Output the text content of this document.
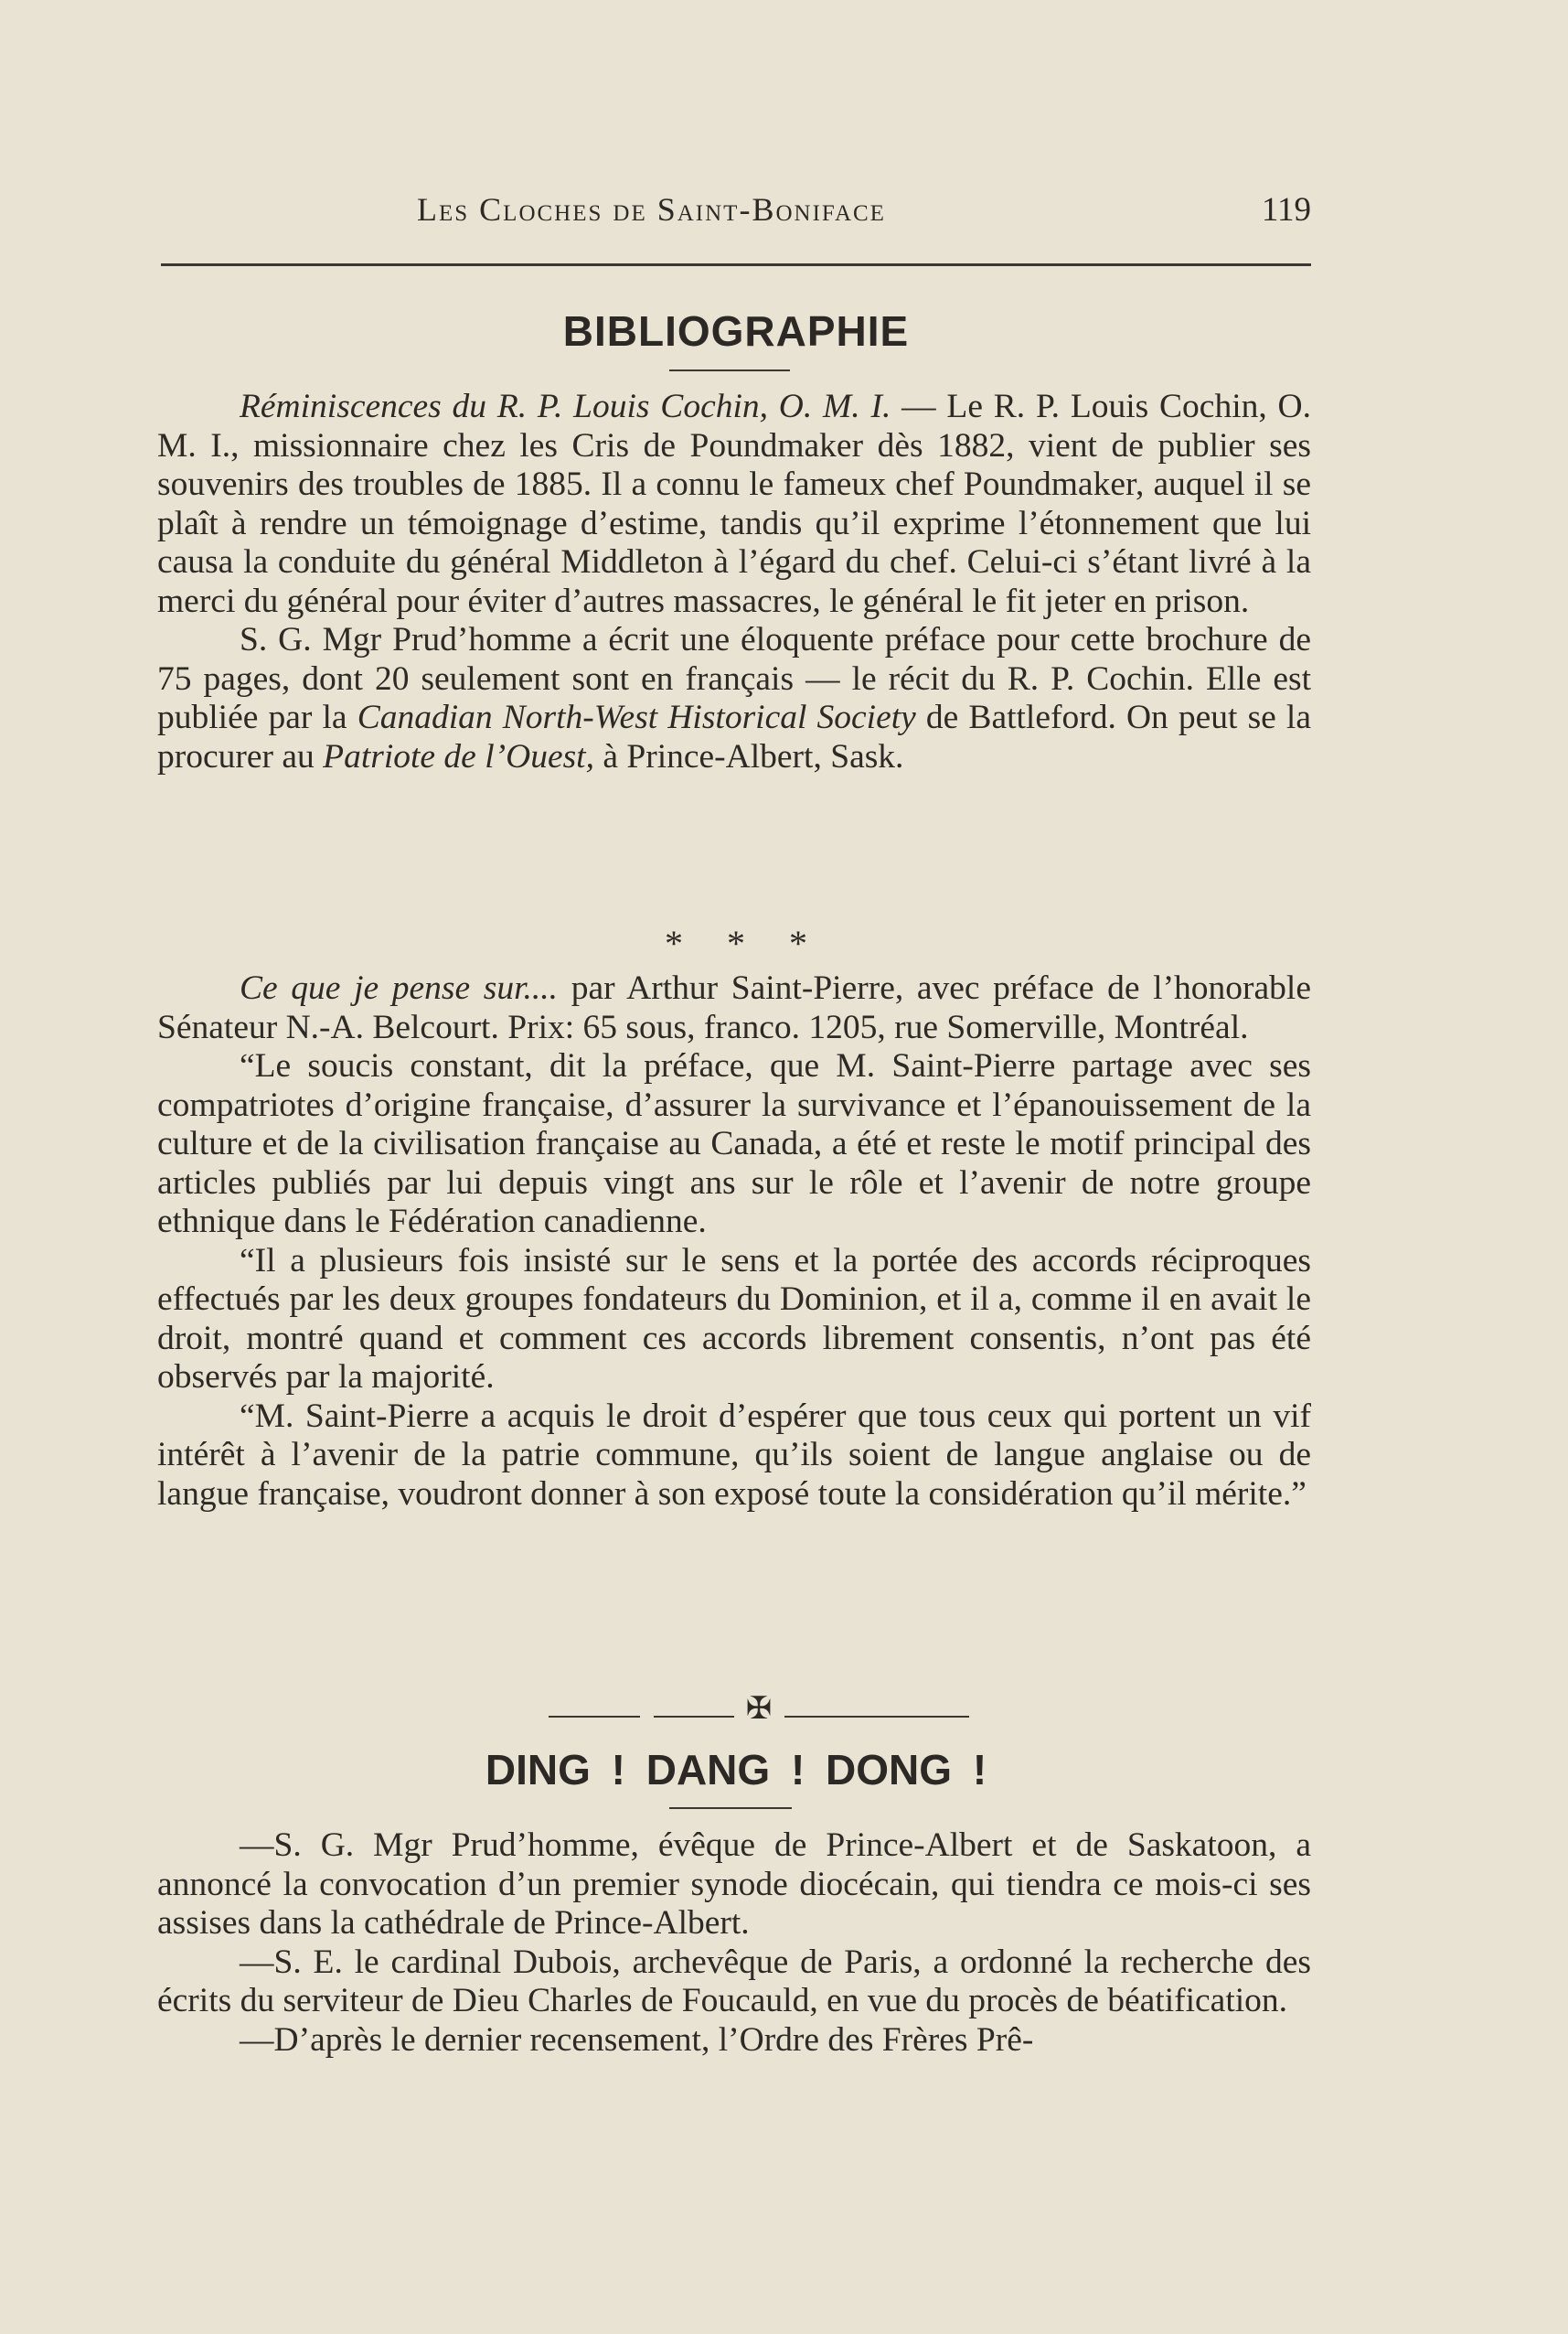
Les Cloches de Saint-Boniface	119
BIBLIOGRAPHIE

Réminiscences du R. P. Louis Cochin, O. M. I. — Le R. P. Louis Cochin, O. M. I., missionnaire chez les Cris de Poundmaker dès 1882, vient de publier ses souvenirs des troubles de 1885. Il a connu le fameux chef Poundmaker, auquel il se plaît à rendre un témoignage d’estime, tandis qu’il exprime l’étonnement que lui causa la conduite du général Middleton à l’égard du chef. Celui-ci s’étant livré à la merci du général pour éviter d’autres massacres, le général le fit jeter en prison.

S. G. Mgr Prud’homme a écrit une éloquente préface pour cette brochure de 75 pages, dont 20 seulement sont en français — le récit du R. P. Cochin. Elle est publiée par la Canadian North-West Historical Society de Battleford. On peut se la procurer au Patriote de l’Ouest, à Prince-Albert, Sask.

* * *

Ce que je pense sur.... par Arthur Saint-Pierre, avec préface de l’honorable Sénateur N.-A. Belcourt. Prix: 65 sous, franco. 1205, rue Somerville, Montréal.

“Le soucis constant, dit la préface, que M. Saint-Pierre partage avec ses compatriotes d’origine française, d’assurer la survivance et l’épanouissement de la culture et de la civilisation française au Canada, a été et reste le motif principal des articles publiés par lui depuis vingt ans sur le rôle et l’avenir de notre groupe ethnique dans le Fédération canadienne.

“Il a plusieurs fois insisté sur le sens et la portée des accords réciproques effectués par les deux groupes fondateurs du Dominion, et il a, comme il en avait le droit, montré quand et comment ces accords librement consentis, n’ont pas été observés par la majorité.

“M. Saint-Pierre a acquis le droit d’espérer que tous ceux qui portent un vif intérêt à l’avenir de la patrie commune, qu’ils soient de langue anglaise ou de langue française, voudront donner à son exposé toute la considération qu’il mérite.”

✠
DING ! DANG ! DONG !

—S. G. Mgr Prud’homme, évêque de Prince-Albert et de Saskatoon, a annoncé la convocation d’un premier synode diocécain, qui tiendra ce mois-ci ses assises dans la cathédrale de Prince-Albert.

—S. E. le cardinal Dubois, archevêque de Paris, a ordonné la recherche des écrits du serviteur de Dieu Charles de Foucauld, en vue du procès de béatification.

—D’après le dernier recensement, l’Ordre des Frères Prê-
